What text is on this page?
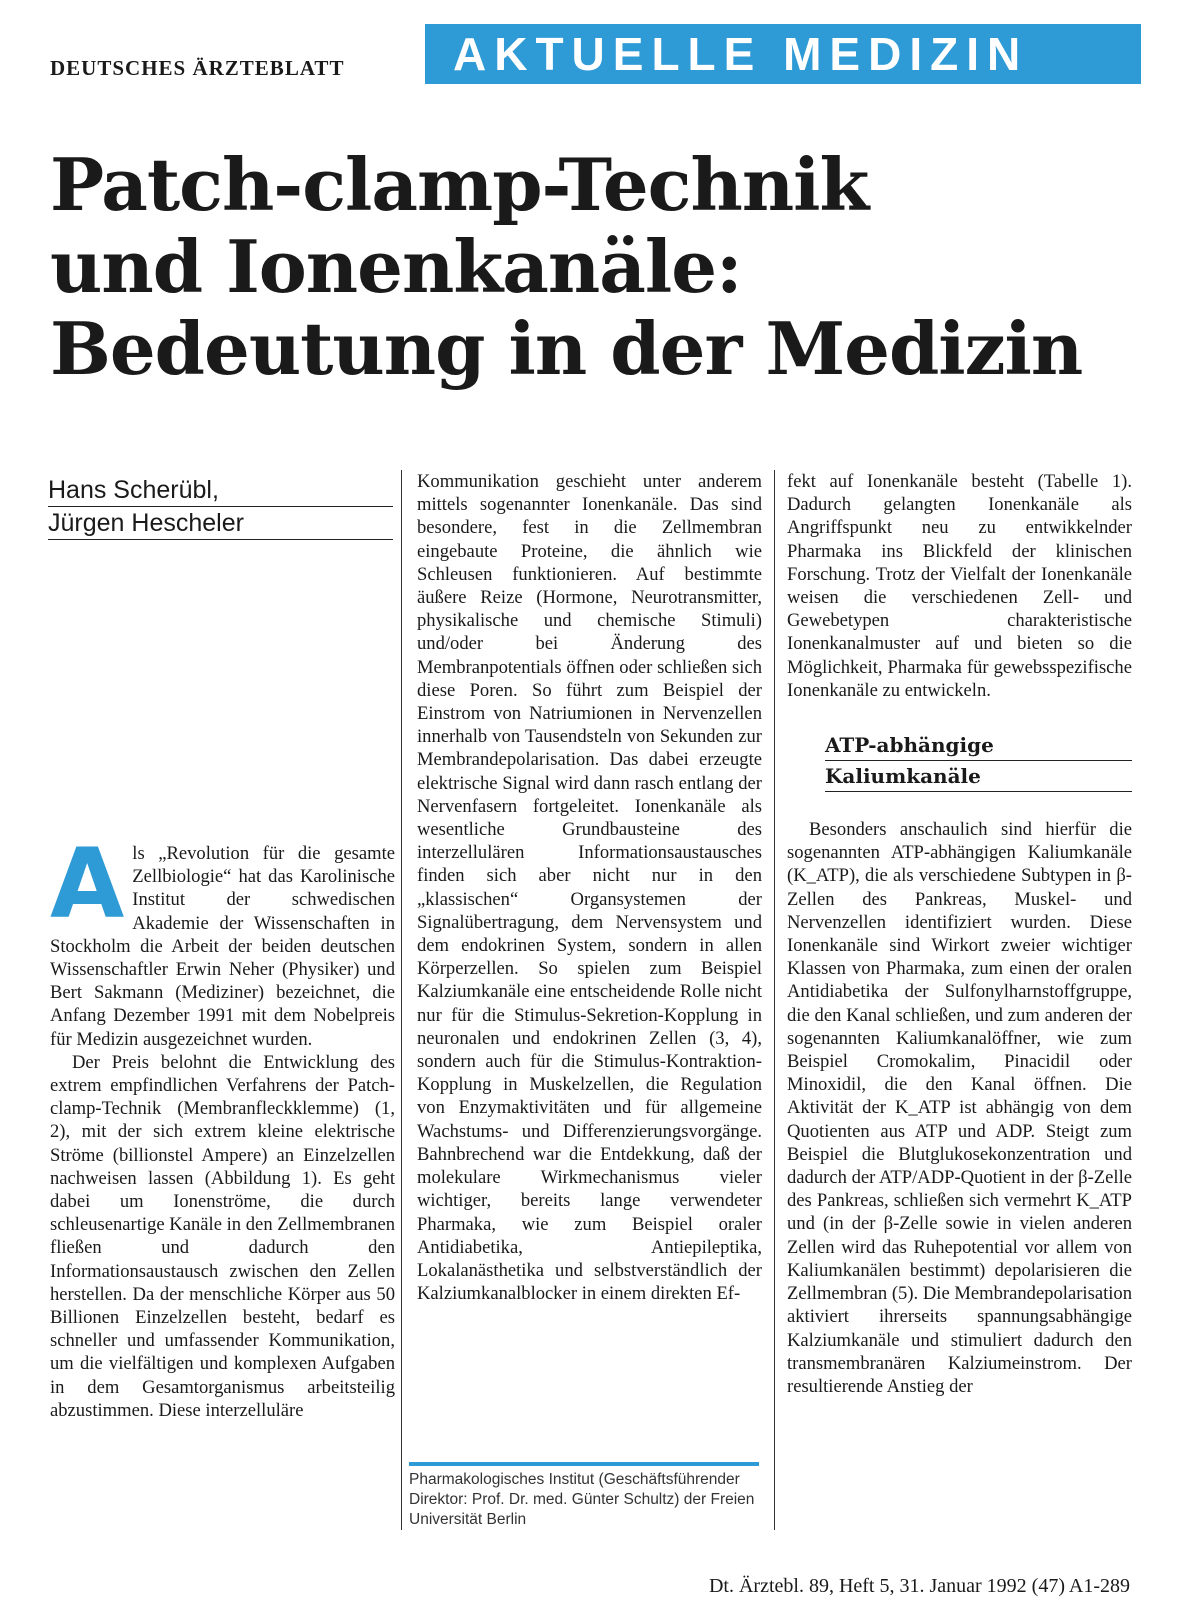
DEUTSCHES ÄRZTEBLATT	AKTUELLE MEDIZIN
Patch-clamp-Technik
und Ionenkanäle:
Bedeutung in der Medizin
Hans Scherübl,
Jürgen Hescheler
A ls „Revolution für die gesamte Zellbiologie“ hat das Karolinische Institut der schwedischen Akademie der Wissenschaften in Stockholm die Arbeit der beiden deutschen Wissenschaftler Erwin Neher (Physiker) und Bert Sakmann (Mediziner) bezeichnet, die Anfang Dezember 1991 mit dem Nobelpreis für Medizin ausgezeichnet wurden.

Der Preis belohnt die Entwicklung des extrem empfindlichen Verfahrens der Patch-clamp-Technik (Membranfleckklemme) (1, 2), mit der sich extrem kleine elektrische Ströme (billionstel Ampere) an Einzelzellen nachweisen lassen (Abbildung 1). Es geht dabei um Ionenströme, die durch schleusenartige Kanäle in den Zellmembranen fließen und dadurch den Informationsaustausch zwischen den Zellen herstellen. Da der menschliche Körper aus 50 Billionen Einzelzellen besteht, bedarf es schneller und umfassender Kommunikation, um die vielfältigen und komplexen Aufgaben in dem Gesamtorganismus arbeitsteilig abzustimmen. Diese interzelluläre

Kommunikation geschieht unter anderem mittels sogenannter Ionenkanäle. Das sind besondere, fest in die Zellmembran eingebaute Proteine, die ähnlich wie Schleusen funktionieren. Auf bestimmte äußere Reize (Hormone, Neurotransmitter, physikalische und chemische Stimuli) und/oder bei Änderung des Membranpotentials öffnen oder schließen sich diese Poren. So führt zum Beispiel der Einstrom von Natriumionen in Nervenzellen innerhalb von Tausendsteln von Sekunden zur Membrandepolarisation. Das dabei erzeugte elektrische Signal wird dann rasch entlang der Nervenfasern fortgeleitet. Ionenkanäle als wesentliche Grundbausteine des interzellulären Informationsaustausches finden sich aber nicht nur in den „klassischen“ Organsystemen der Signalübertragung, dem Nervensystem und dem endokrinen System, sondern in allen Körperzellen. So spielen zum Beispiel Kalziumkanäle eine entscheidende Rolle nicht nur für die Stimulus-Sekretion-Kopplung in neuronalen und endokrinen Zellen (3, 4), sondern auch für die Stimulus-Kontraktion-Kopplung in Muskelzellen, die Regulation von Enzymaktivitäten und für allgemeine Wachstums- und Differenzierungsvorgänge. Bahnbrechend war die Entdekkung, daß der molekulare Wirkmechanismus vieler wichtiger, bereits lange verwendeter Pharmaka, wie zum Beispiel oraler Antidiabetika, Antiepileptika, Lokalanästhetika und selbstverständlich der Kalziumkanalblocker in einem direkten Ef-

fekt auf Ionenkanäle besteht (Tabelle 1). Dadurch gelangten Ionenkanäle als Angriffspunkt neu zu entwikkelnder Pharmaka ins Blickfeld der klinischen Forschung. Trotz der Vielfalt der Ionenkanäle weisen die verschiedenen Zell- und Gewebetypen charakteristische Ionenkanalmuster auf und bieten so die Möglichkeit, Pharmaka für gewebsspezifische Ionenkanäle zu entwickeln.

ATP-abhängige
Kaliumkanäle

Besonders anschaulich sind hierfür die sogenannten ATP-abhängigen Kaliumkanäle (K_ATP), die als verschiedene Subtypen in β-Zellen des Pankreas, Muskel- und Nervenzellen identifiziert wurden. Diese Ionenkanäle sind Wirkort zweier wichtiger Klassen von Pharmaka, zum einen der oralen Antidiabetika der Sulfonylharnstoffgruppe, die den Kanal schließen, und zum anderen der sogenannten Kaliumkanalöffner, wie zum Beispiel Cromokalim, Pinacidil oder Minoxidil, die den Kanal öffnen. Die Aktivität der K_ATP ist abhängig von dem Quotienten aus ATP und ADP. Steigt zum Beispiel die Blutglukosekonzentration und dadurch der ATP/ADP-Quotient in der β-Zelle des Pankreas, schließen sich vermehrt K_ATP und (in der β-Zelle sowie in vielen anderen Zellen wird das Ruhepotential vor allem von Kaliumkanälen bestimmt) depolarisieren die Zellmembran (5). Die Membrandepolarisation aktiviert ihrerseits spannungsabhängige Kalziumkanäle und stimuliert dadurch den transmembranären Kalziumeinstrom. Der resultierende Anstieg der

Pharmakologisches Institut (Geschäftsführender Direktor: Prof. Dr. med. Günter Schultz) der Freien Universität Berlin
Dt. Ärztebl. 89, Heft 5, 31. Januar 1992 (47) A1-289
